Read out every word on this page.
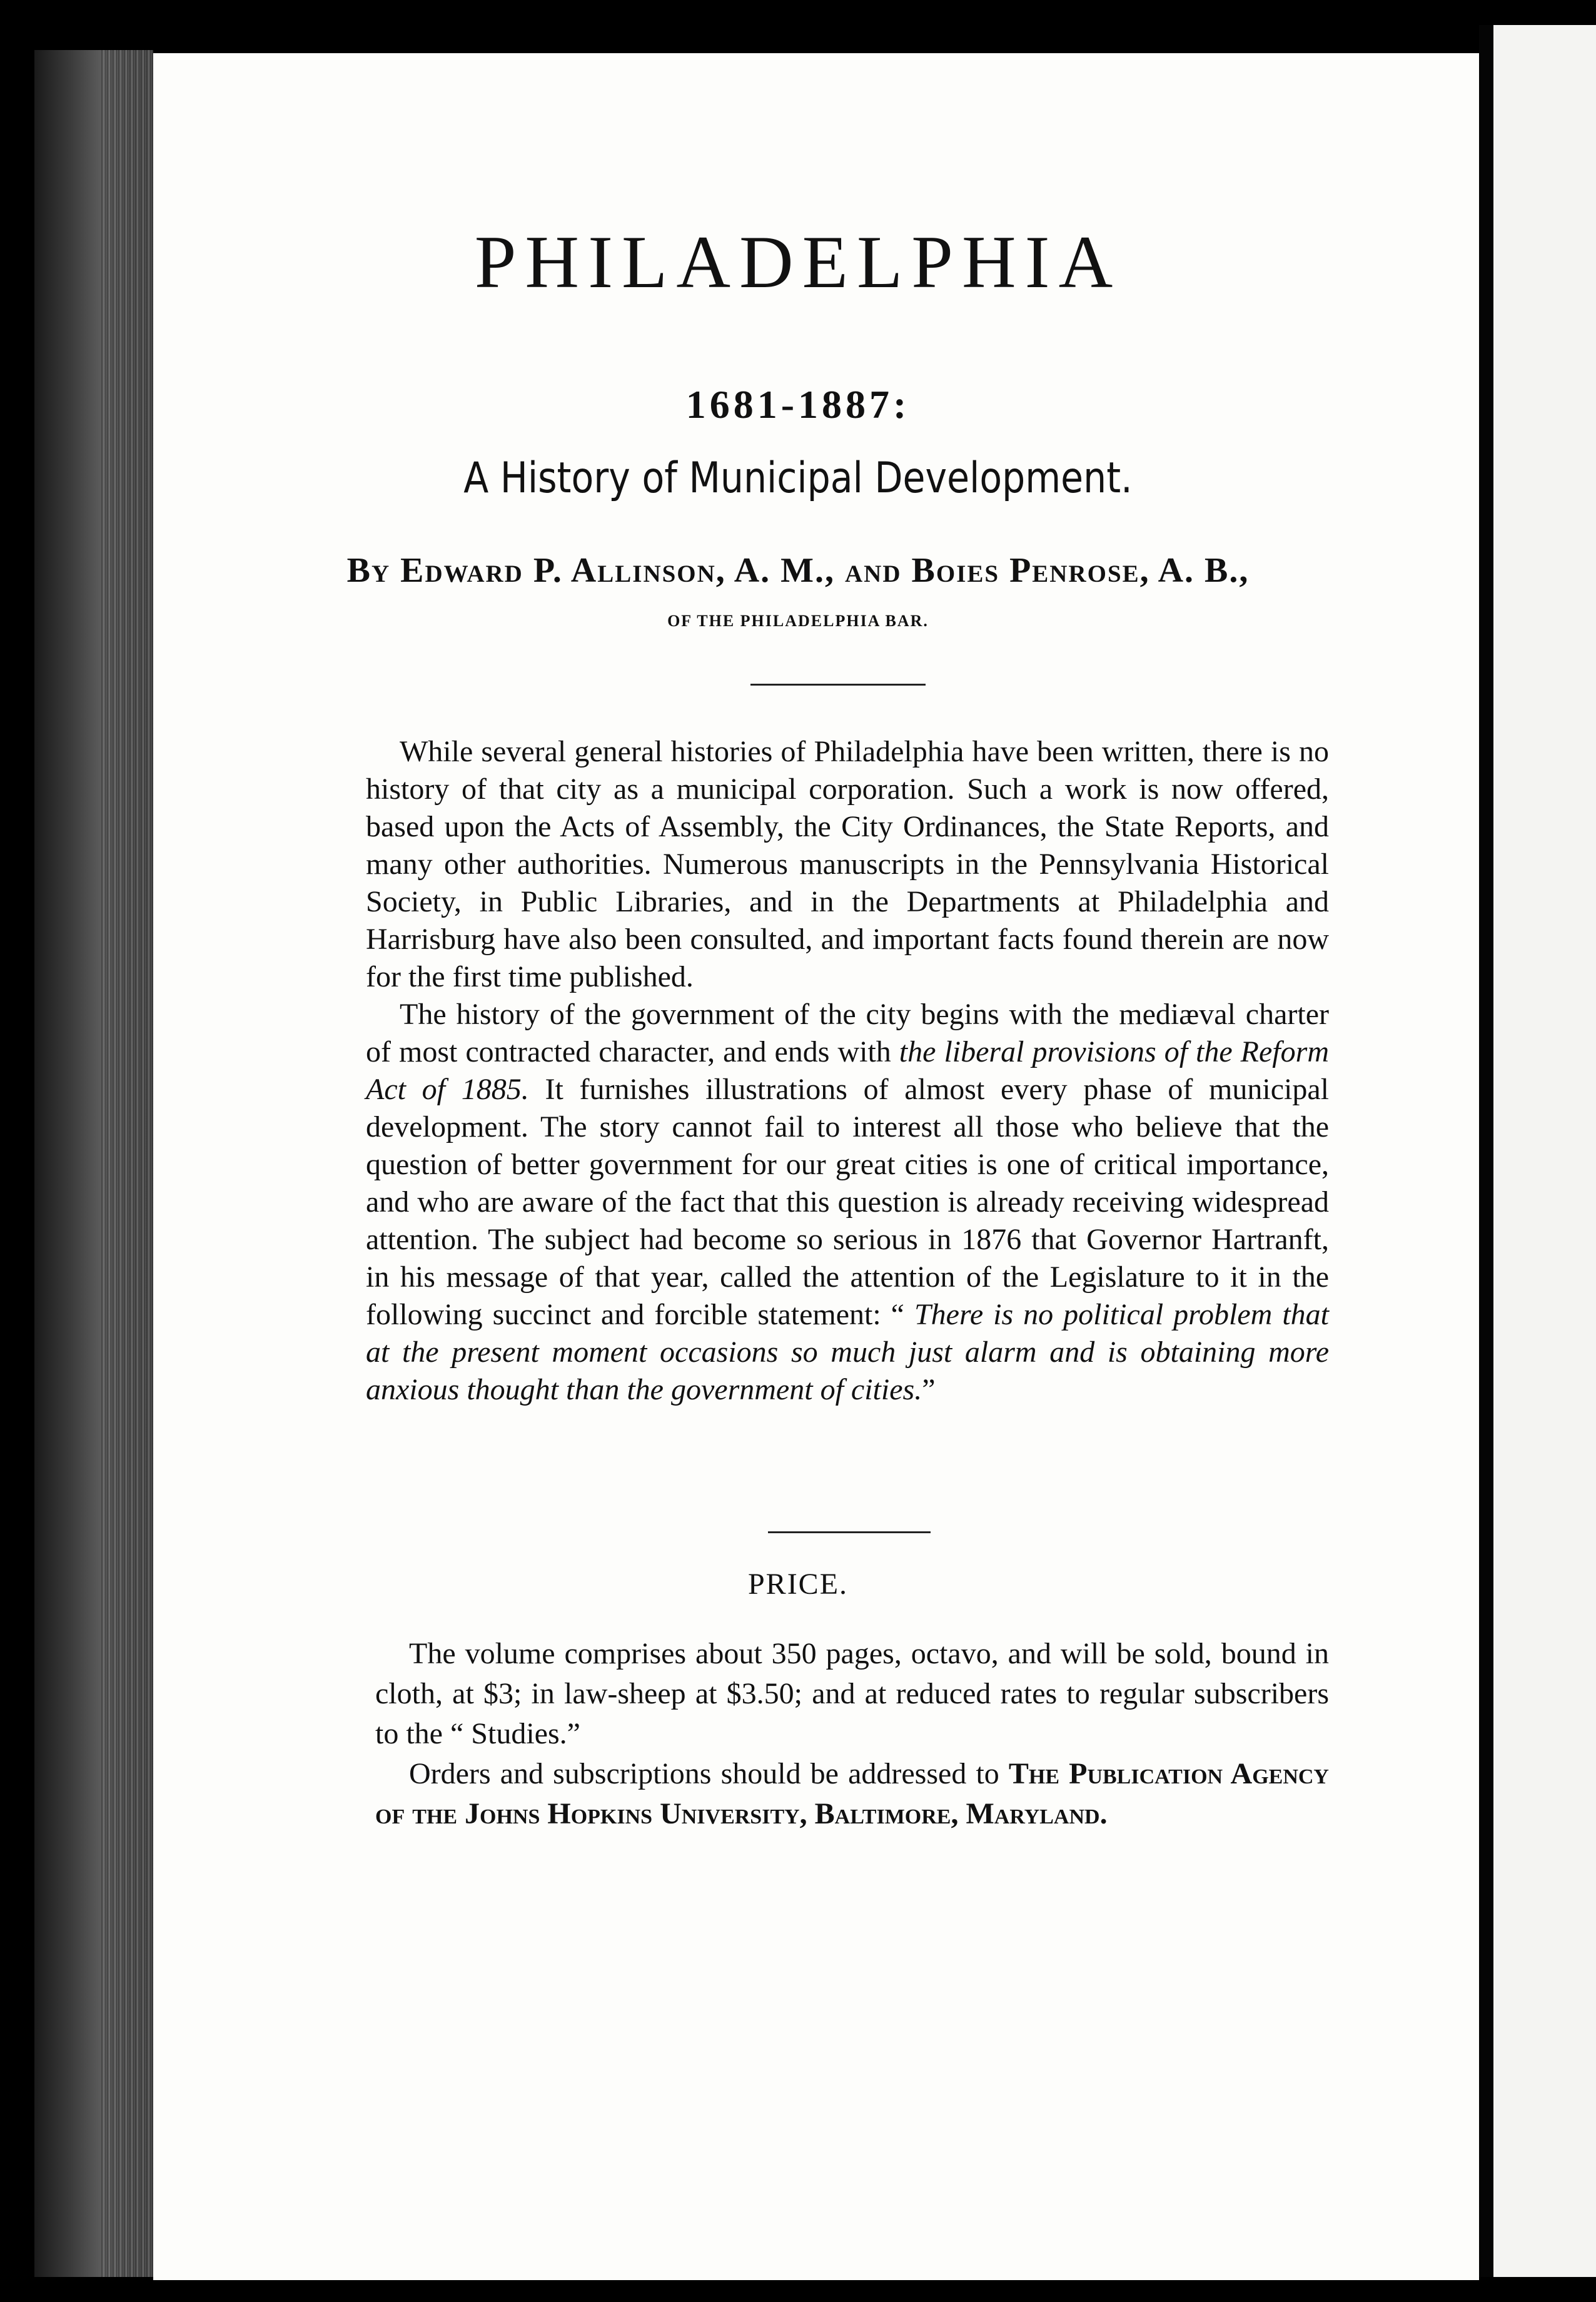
PHILADELPHIA
1681-1887:
A History of Municipal Development.
By Edward P. Allinson, A. M., and Boies Penrose, A. B.,
OF THE PHILADELPHIA BAR.

While several general histories of Philadelphia have been written, there is no history of that city as a municipal corporation. Such a work is now offered, based upon the Acts of Assembly, the City Ordinances, the State Reports, and many other authorities. Numerous manuscripts in the Pennsylvania Historical Society, in Public Libraries, and in the Departments at Philadelphia and Harrisburg have also been consulted, and important facts found therein are now for the first time published.

The history of the government of the city begins with the mediæval charter of most contracted character, and ends with the liberal provisions of the Reform Act of 1885. It furnishes illustrations of almost every phase of municipal development. The story cannot fail to interest all those who believe that the question of better government for our great cities is one of critical importance, and who are aware of the fact that this question is already receiving widespread attention. The subject had become so serious in 1876 that Governor Hartranft, in his message of that year, called the attention of the Legislature to it in the following succinct and forcible statement: “ There is no political problem that at the present moment occasions so much just alarm and is obtaining more anxious thought than the government of cities.”

PRICE.

The volume comprises about 350 pages, octavo, and will be sold, bound in cloth, at $3; in law-sheep at $3.50; and at reduced rates to regular subscribers to the “ Studies.”

Orders and subscriptions should be addressed to The Publication Agency of the Johns Hopkins University, Baltimore, Maryland.
